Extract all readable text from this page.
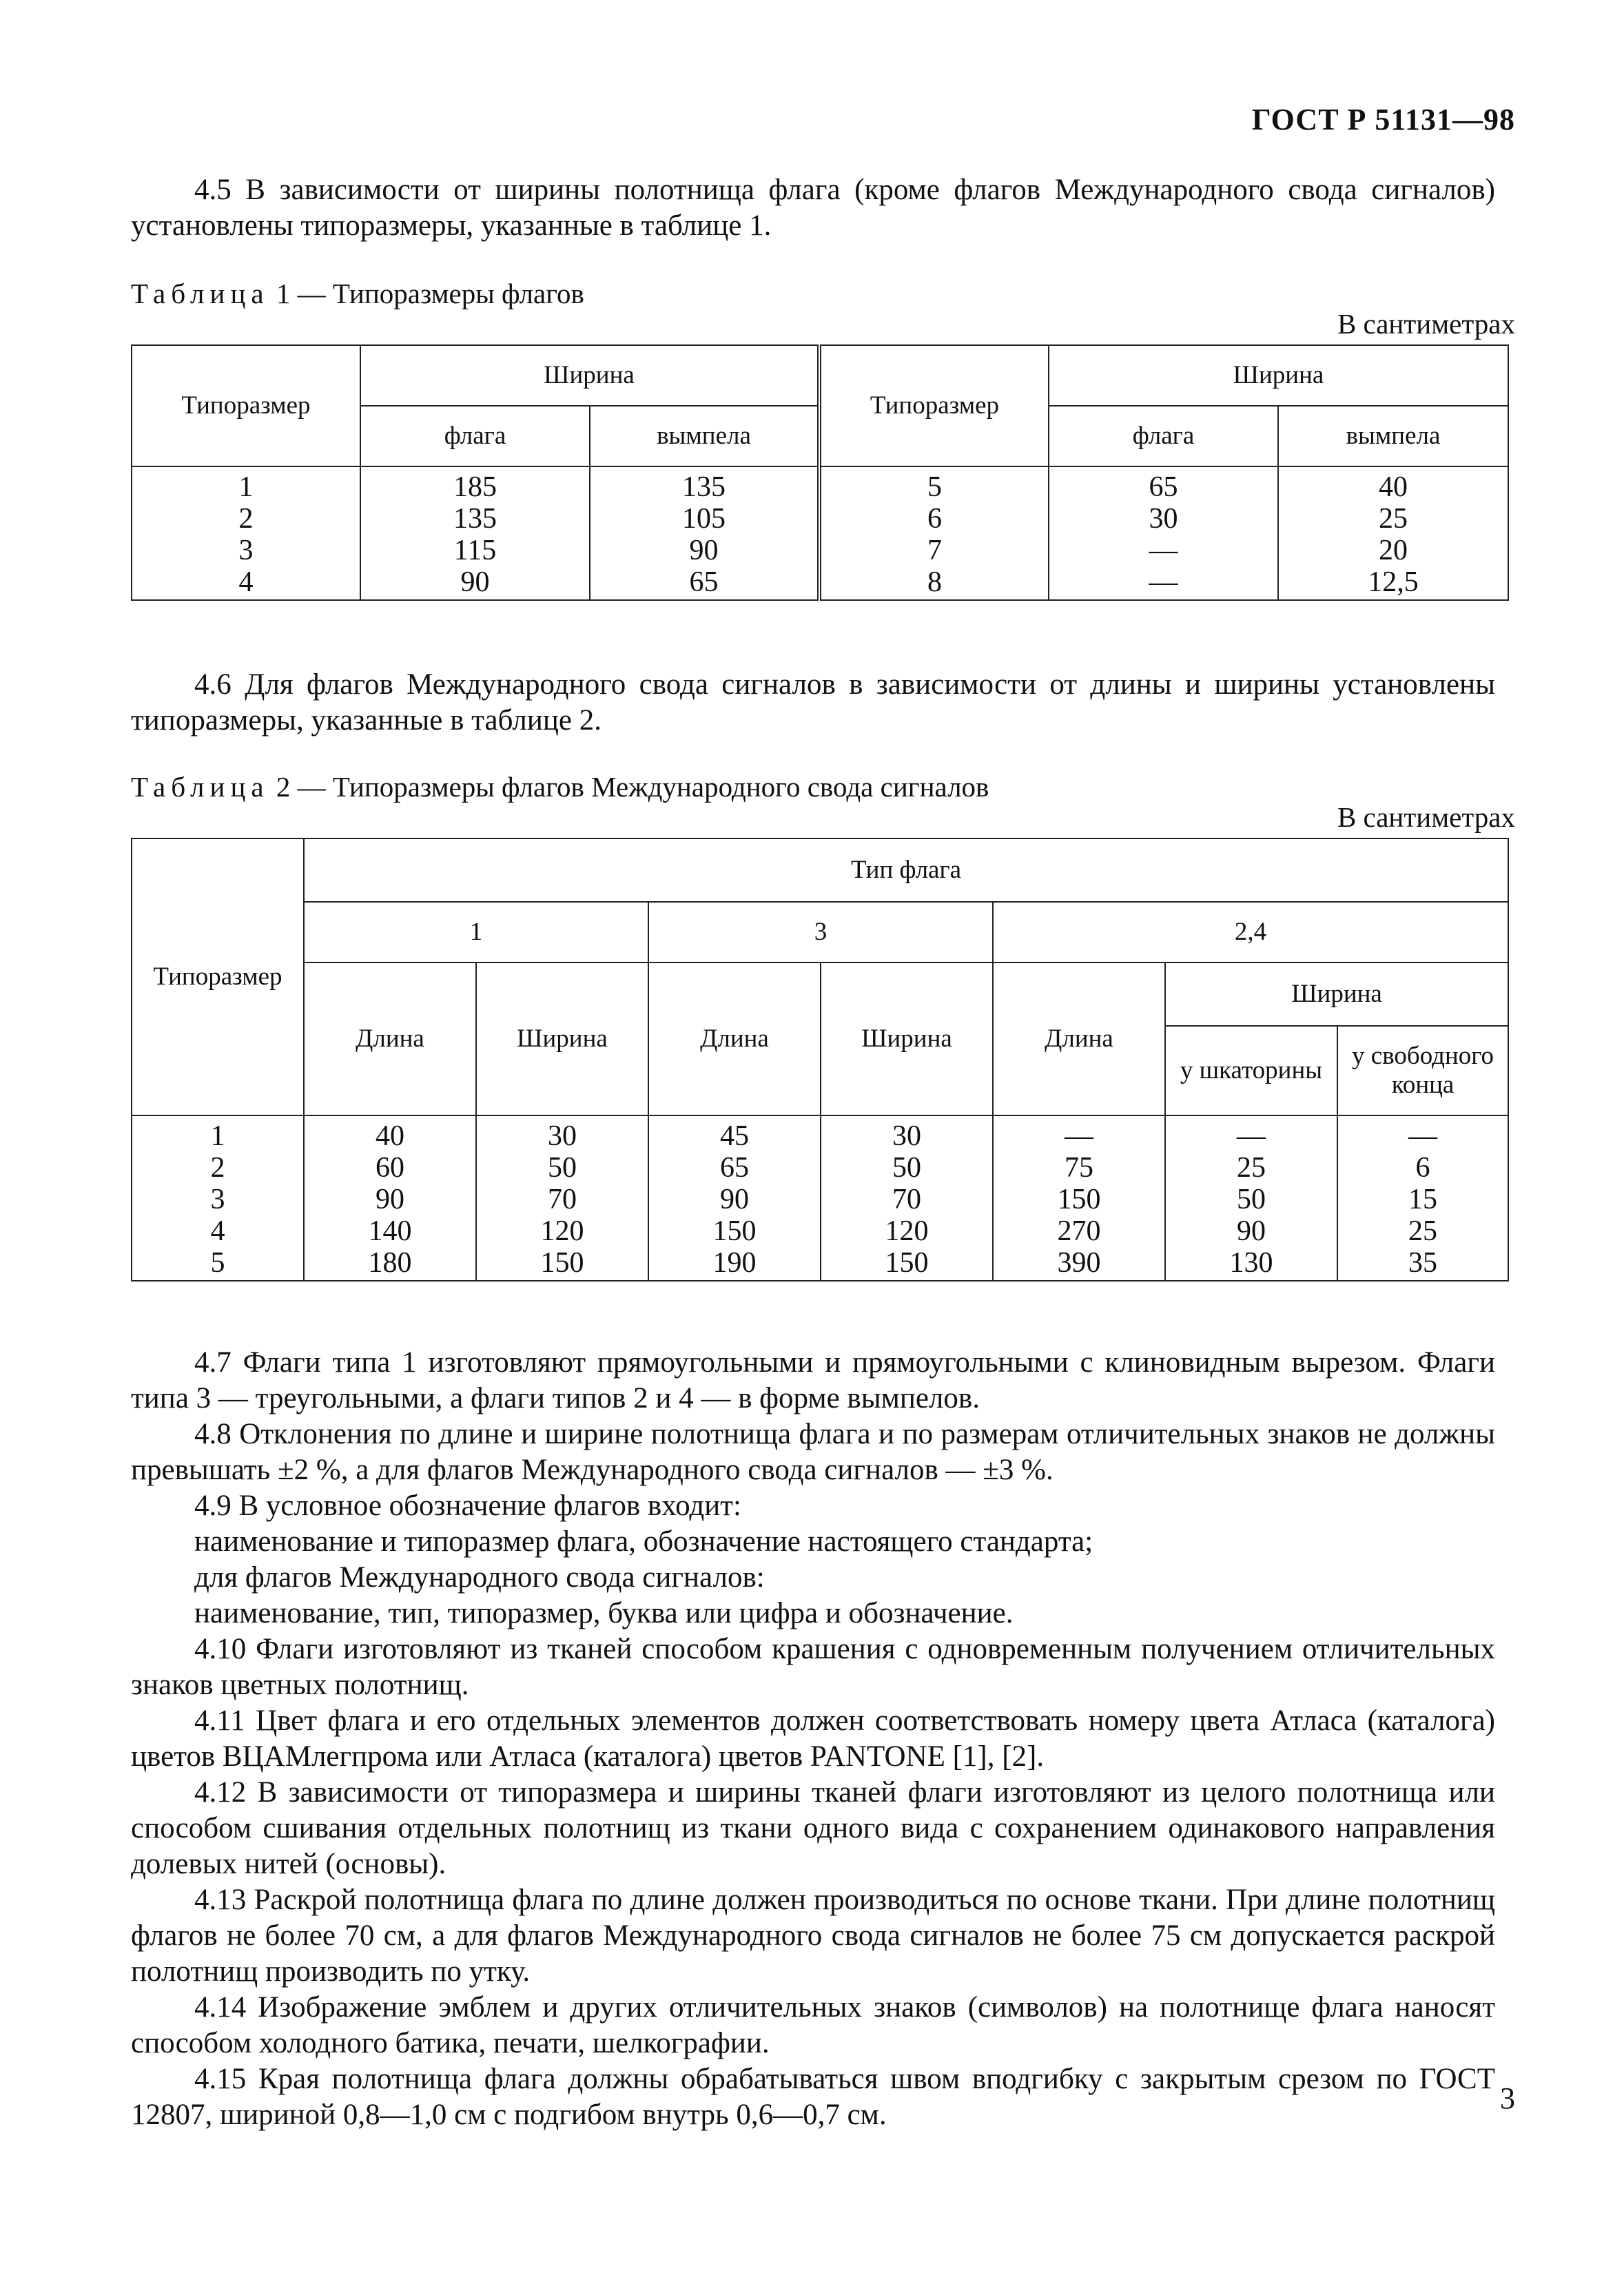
ГОСТ Р 51131—98

4.5 В зависимости от ширины полотнища флага (кроме флагов Международного свода сигналов) установлены типоразмеры, указанные в таблице 1.

Таблица 1 — Типоразмеры флагов
В сантиметрах
Типоразмер	Ширина		Типоразмер	Ширина	
	флага	вымпела		флага	вымпела
1	185	135	5	65	40
2	135	105	6	30	25
3	115	90	7	—	20
4	90	65	8	—	12,5

4.6 Для флагов Международного свода сигналов в зависимости от длины и ширины установлены типоразмеры, указанные в таблице 2.

Таблица 2 — Типоразмеры флагов Международного свода сигналов
В сантиметрах
Типоразмер	Тип флага						
	1		3		2,4		
	Длина	Ширина	Длина	Ширина	Длина	Ширина	
						у шкаторины	у свободного конца
1	40	30	45	30	—	—	—
2	60	50	65	50	75	25	6
3	90	70	90	70	150	50	15
4	140	120	150	120	270	90	25
5	180	150	190	150	390	130	35

4.7 Флаги типа 1 изготовляют прямоугольными и прямоугольными с клиновидным вырезом. Флаги типа 3 — треугольными, а флаги типов 2 и 4 — в форме вымпелов.

4.8 Отклонения по длине и ширине полотнища флага и по размерам отличительных знаков не должны превышать ±2 %, а для флагов Международного свода сигналов — ±3 %.

4.9 В условное обозначение флагов входит:

наименование и типоразмер флага, обозначение настоящего стандарта;

для флагов Международного свода сигналов:

наименование, тип, типоразмер, буква или цифра и обозначение.

4.10 Флаги изготовляют из тканей способом крашения с одновременным получением отличительных знаков цветных полотнищ.

4.11 Цвет флага и его отдельных элементов должен соответствовать номеру цвета Атласа (каталога) цветов ВЦАМлегпрома или Атласа (каталога) цветов PANTONE [1], [2].

4.12 В зависимости от типоразмера и ширины тканей флаги изготовляют из целого полотнища или способом сшивания отдельных полотнищ из ткани одного вида с сохранением одинакового направления долевых нитей (основы).

4.13 Раскрой полотнища флага по длине должен производиться по основе ткани. При длине полотнищ флагов не более 70 см, а для флагов Международного свода сигналов не более 75 см допускается раскрой полотнищ производить по утку.

4.14 Изображение эмблем и других отличительных знаков (символов) на полотнище флага наносят способом холодного батика, печати, шелкографии.

4.15 Края полотнища флага должны обрабатываться швом вподгибку с закрытым срезом по ГОСТ 12807, шириной 0,8—1,0 см с подгибом внутрь 0,6—0,7 см.	3
